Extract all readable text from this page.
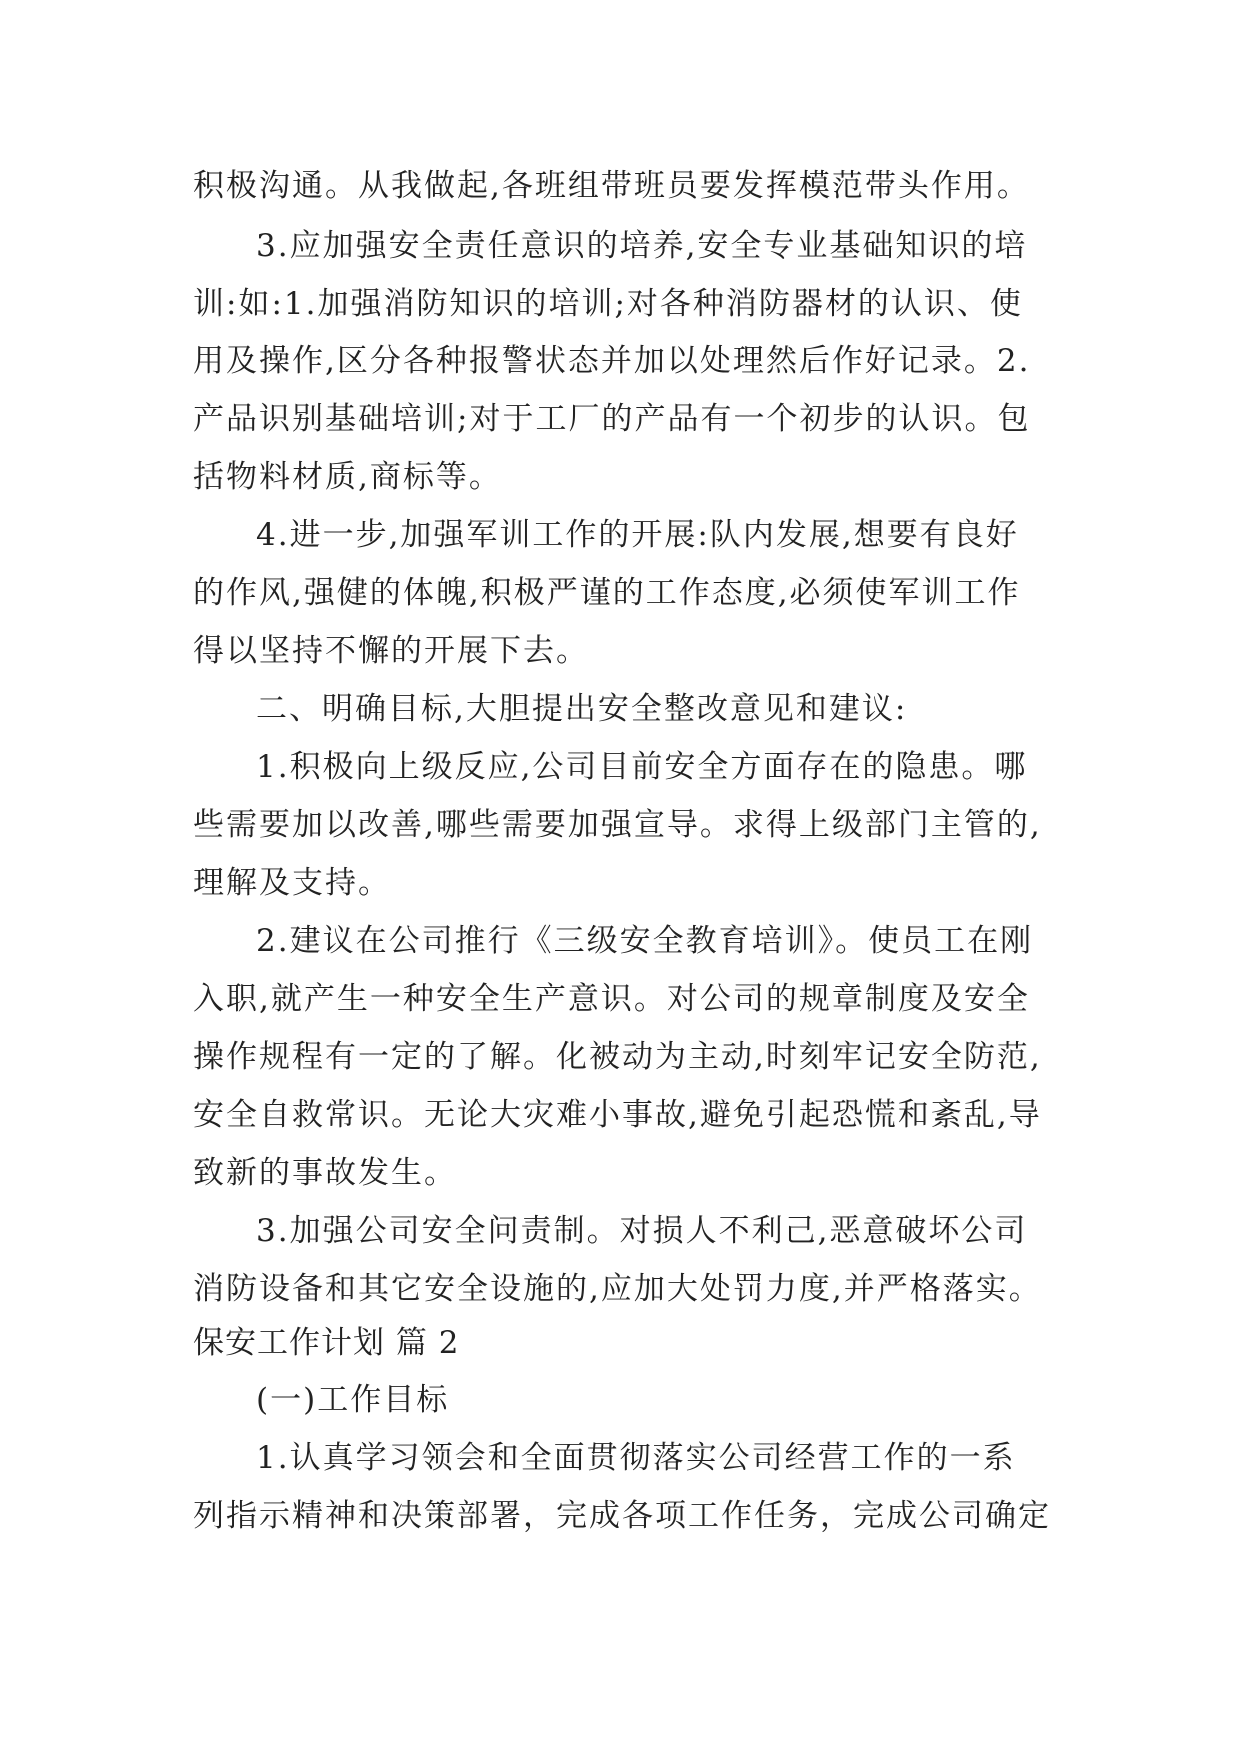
积极沟通。从我做起,各班组带班员要发挥模范带头作用。
3.应加强安全责任意识的培养,安全专业基础知识的培
训:如:1.加强消防知识的培训;对各种消防器材的认识、使
用及操作,区分各种报警状态并加以处理然后作好记录。2.
产品识别基础培训;对于工厂的产品有一个初步的认识。包
括物料材质,商标等。
4.进一步,加强军训工作的开展:队内发展,想要有良好
的作风,强健的体魄,积极严谨的工作态度,必须使军训工作
得以坚持不懈的开展下去。
二、明确目标,大胆提出安全整改意见和建议:
1.积极向上级反应,公司目前安全方面存在的隐患。哪
些需要加以改善,哪些需要加强宣导。求得上级部门主管的,
理解及支持。
2.建议在公司推行《三级安全教育培训》。使员工在刚
入职,就产生一种安全生产意识。对公司的规章制度及安全
操作规程有一定的了解。化被动为主动,时刻牢记安全防范,
安全自救常识。无论大灾难小事故,避免引起恐慌和紊乱,导
致新的事故发生。
3.加强公司安全问责制。对损人不利己,恶意破坏公司
消防设备和其它安全设施的,应加大处罚力度,并严格落实。
保安工作计划 篇 2
(一)工作目标
1.认真学习领会和全面贯彻落实公司经营工作的一系
列指示精神和决策部署，完成各项工作任务，完成公司确定
